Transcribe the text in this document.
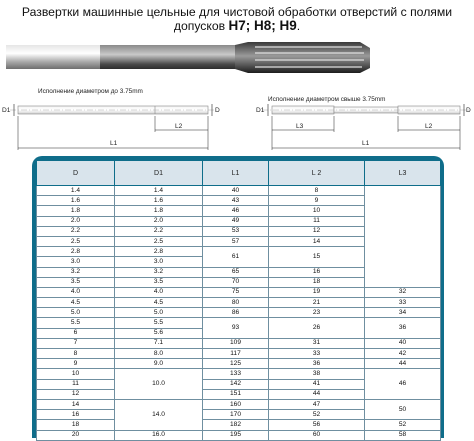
Развертки машинные цельные для чистовой обработки отверстий с полями допусков H7; H8; H9.
Исполнение диаметром до 3.75mm
D1	D
L2
L1
Исполнение диаметром свыше 3.75mm
D1	D
L3	L2
L1
D	D1	L1	L 2	L3
1.4	1.4	40	8	
1.6	1.6	43	9	
1.8	1.8	46	10	
2.0	2.0	49	11	
2.2	2.2	53	12	
2.5	2.5	57	14	
2.8	2.8	61	15	
3.0	3.0			
3.2	3.2	65	16	
3.5	3.5	70	18	
4.0	4.0	75	19	32
4.5	4.5	80	21	33
5.0	5.0	86	23	34
5.5	5.5	93	26	36
6	5.6			
7	7.1	109	31	40
8	8.0	117	33	42
9	9.0	125	36	44
10	10.0	133	38	46
11		142	41	
12		151	44	
14	14.0	160	47	50
16		170	52	
18		182	56	52
20	16.0	195	60	58
